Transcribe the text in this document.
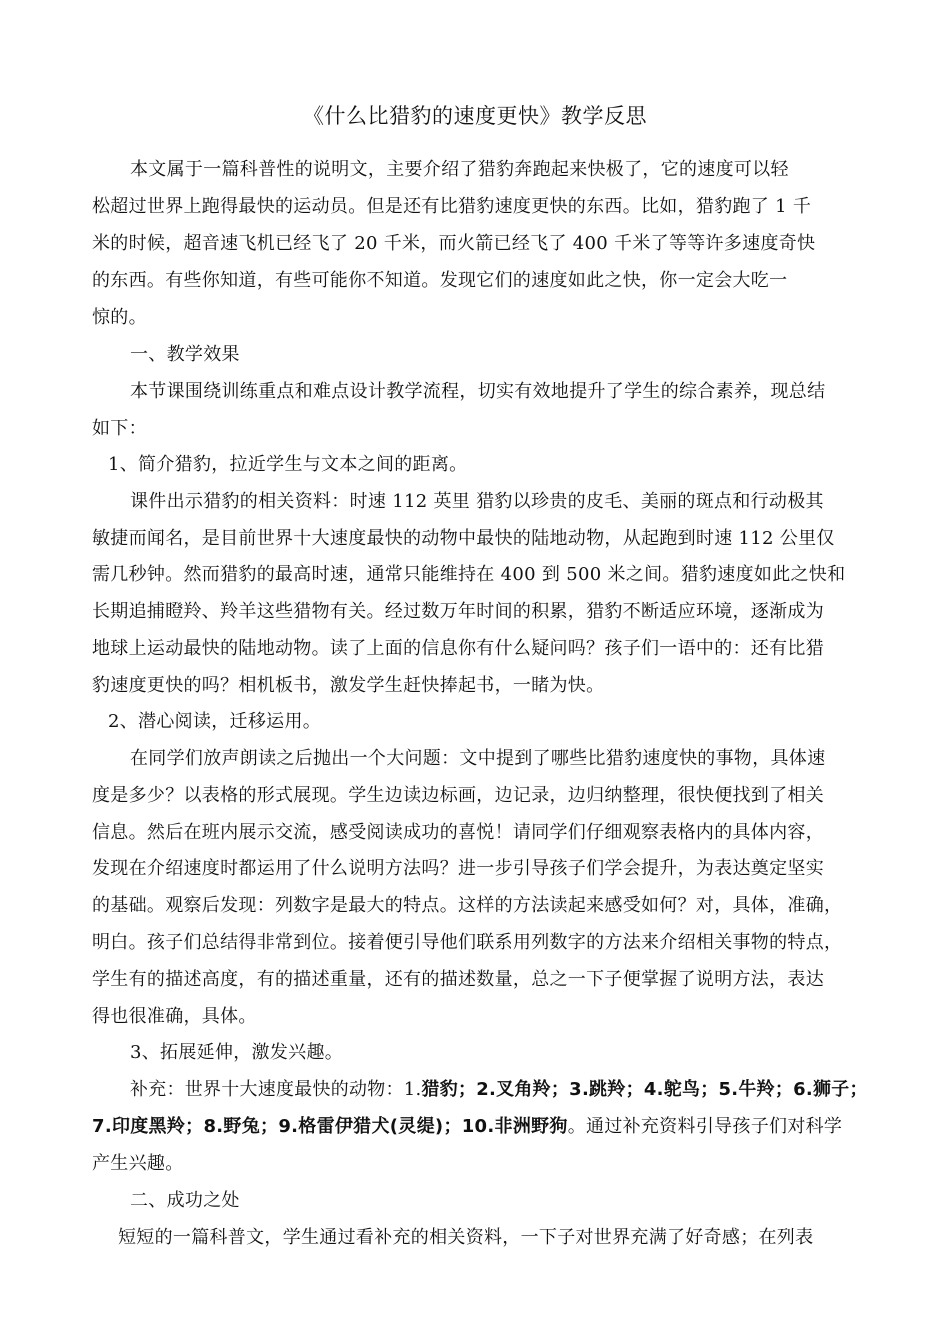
《什么比猎豹的速度更快》教学反思
本文属于一篇科普性的说明文，主要介绍了猎豹奔跑起来快极了，它的速度可以轻
松超过世界上跑得最快的运动员。但是还有比猎豹速度更快的东西。比如，猎豹跑了 1 千
米的时候，超音速飞机已经飞了 20 千米，而火箭已经飞了 400 千米了等等许多速度奇快
的东西。有些你知道，有些可能你不知道。发现它们的速度如此之快，你一定会大吃一
惊的。
一、教学效果
本节课围绕训练重点和难点设计教学流程，切实有效地提升了学生的综合素养，现总结
如下：
1、简介猎豹，拉近学生与文本之间的距离。
课件出示猎豹的相关资料：时速 112 英里 猎豹以珍贵的皮毛、美丽的斑点和行动极其
敏捷而闻名，是目前世界十大速度最快的动物中最快的陆地动物，从起跑到时速 112 公里仅
需几秒钟。然而猎豹的最高时速，通常只能维持在 400 到 500 米之间。猎豹速度如此之快和
长期追捕瞪羚、羚羊这些猎物有关。经过数万年时间的积累，猎豹不断适应环境，逐渐成为
地球上运动最快的陆地动物。读了上面的信息你有什么疑问吗？孩子们一语中的：还有比猎
豹速度更快的吗？相机板书，激发学生赶快捧起书，一睹为快。
2、潜心阅读，迁移运用。
在同学们放声朗读之后抛出一个大问题：文中提到了哪些比猎豹速度快的事物，具体速
度是多少？以表格的形式展现。学生边读边标画，边记录，边归纳整理，很快便找到了相关
信息。然后在班内展示交流，感受阅读成功的喜悦！请同学们仔细观察表格内的具体内容，
发现在介绍速度时都运用了什么说明方法吗？进一步引导孩子们学会提升，为表达奠定坚实
的基础。观察后发现：列数字是最大的特点。这样的方法读起来感受如何？对，具体，准确，
明白。孩子们总结得非常到位。接着便引导他们联系用列数字的方法来介绍相关事物的特点，
学生有的描述高度，有的描述重量，还有的描述数量，总之一下子便掌握了说明方法，表达
得也很准确，具体。
3、拓展延伸，激发兴趣。
补充：世界十大速度最快的动物：1.猎豹；2.叉角羚；3.跳羚；4.鸵鸟；5.牛羚；6.狮子；
7.印度黑羚；8.野兔；9.格雷伊猎犬(灵缇)；10.非洲野狗。通过补充资料引导孩子们对科学
产生兴趣。
二、成功之处
短短的一篇科普文，学生通过看补充的相关资料，一下子对世界充满了好奇感；在列表
